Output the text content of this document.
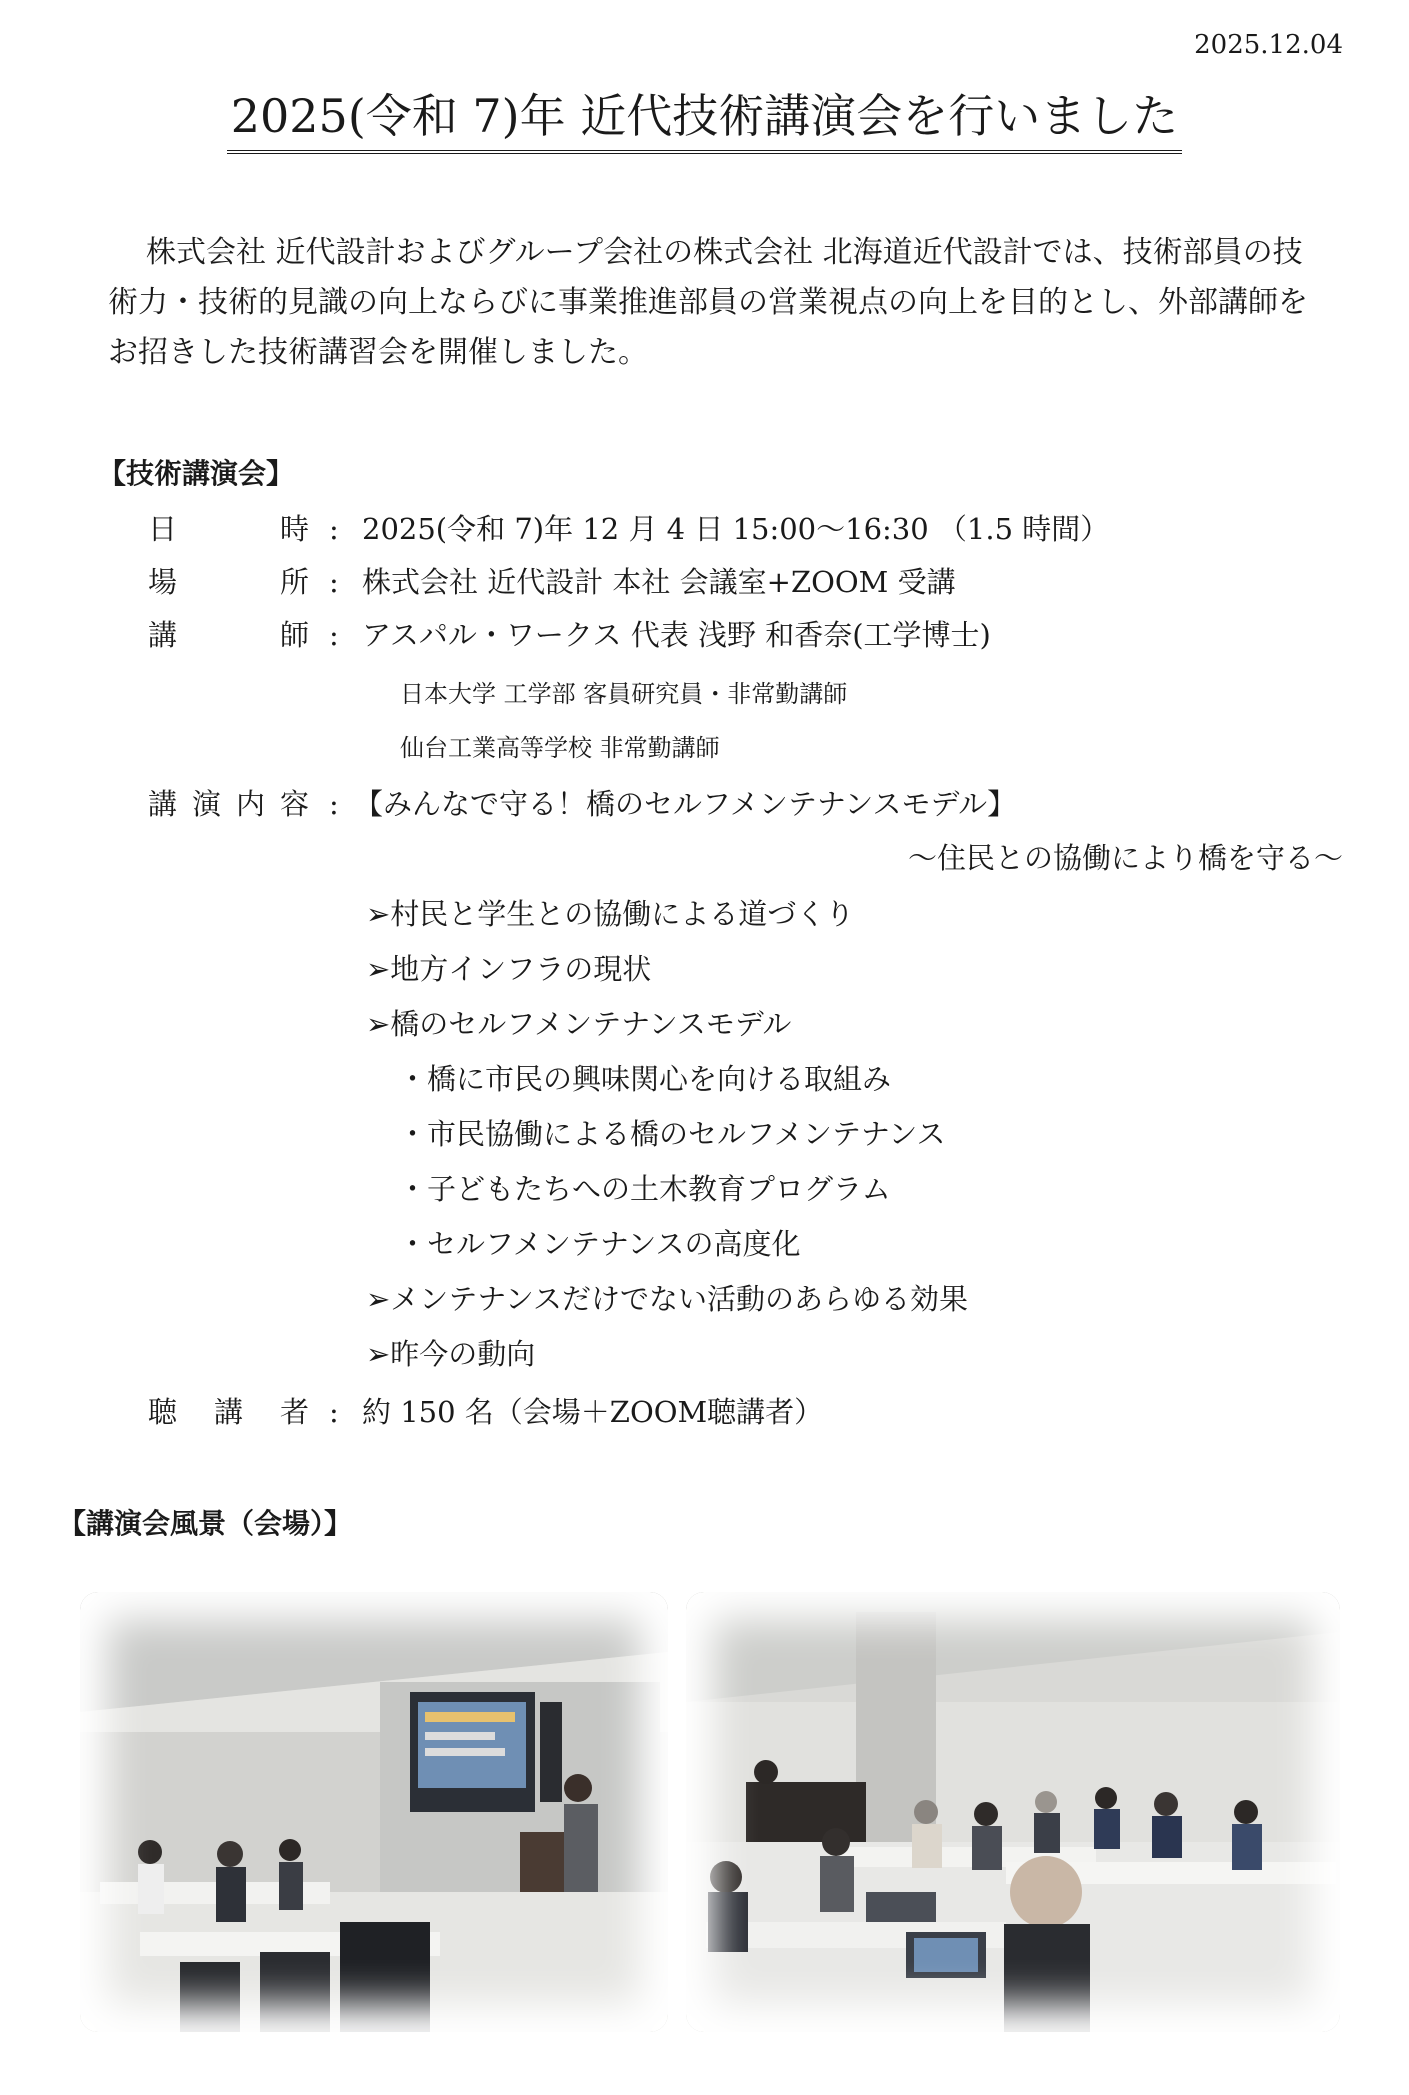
2025.12.04
2025(令和 7)年 近代技術講演会を行いました
株式会社 近代設計およびグループ会社の株式会社 北海道近代設計では、技術部員の技術力・技術的見識の向上ならびに事業推進部員の営業視点の向上を目的とし、外部講師をお招きした技術講習会を開催しました。
【技術講演会】
日	時 : 2025(令和 7)年 12 月 4 日 15:00～16:30 （1.5 時間）
場	所 : 株式会社 近代設計 本社 会議室+ZOOM 受講
講	師 : アスパル・ワークス 代表 浅野 和香奈(工学博士)
日本大学 工学部 客員研究員・非常勤講師
仙台工業高等学校 非常勤講師
講 演 内 容 : 【みんなで守る！橋のセルフメンテナンスモデル】
～住民との協働により橋を守る～
➢村民と学生との協働による道づくり
➢地方インフラの現状
➢橋のセルフメンテナンスモデル
・橋に市民の興味関心を向ける取組み
・市民協働による橋のセルフメンテナンス
・子どもたちへの土木教育プログラム
・セルフメンテナンスの高度化
➢メンテナンスだけでない活動のあらゆる効果
➢昨今の動向
聴 講 者 : 約 150 名（会場＋ZOOM聴講者）
【講演会風景（会場）】
